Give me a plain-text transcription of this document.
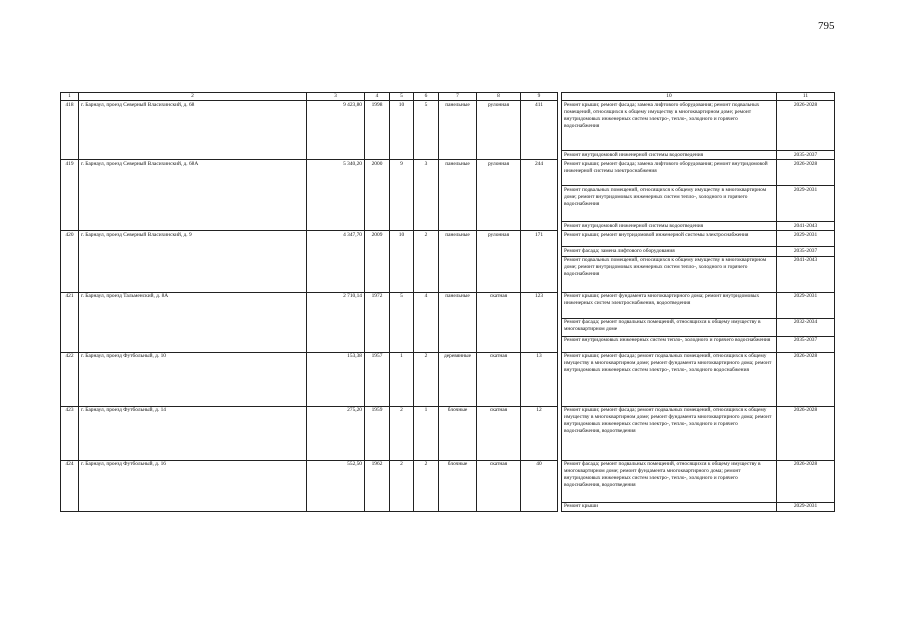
795
1	2	3	4	5	6	7	8	9		10	11
418	г. Барнаул, проезд Северный Власихинский, д. 68	9 423,80	1998	10	5	панельные	рулонная	411		Ремонт крыши; ремонт фасада; замена лифтового оборудования; ремонт подвальных помещений, относящихся к общему имуществу в многоквартирном доме; ремонт внутридомовых инженерных систем электро-, тепло-, холодного и горячего водоснабжения	2026-2028
										Ремонт внутридомовой инженерной системы водоотведения	2035-2037
419	г. Барнаул, проезд Северный Власихинский, д. 68А	5 340,20	2000	9	3	панельные	рулонная	244		Ремонт крыши; ремонт фасада; замена лифтового оборудования; ремонт внутридомовой инженерной системы электроснабжения	2026-2028
										Ремонт подвальных помещений, относящихся к общему имуществу в многоквартирном доме; ремонт внутридомовых инженерных систем тепло-, холодного и горячего водоснабжения	2029-2031
										Ремонт внутридомовой инженерной системы водоотведения	2041-2043
420	г. Барнаул, проезд Северный Власихинский, д. 9	4 347,70	2009	10	2	панельные	рулонная	171		Ремонт крыши; ремонт внутридомовой инженерной системы электроснабжения	2029-2031
										Ремонт фасада; замена лифтового оборудования	2035-2037
										Ремонт подвальных помещений, относящихся к общему имуществу в многоквартирном доме; ремонт внутридомовых инженерных систем тепло-, холодного и горячего водоснабжения	2041-2043
421	г. Барнаул, проезд Тальменский, д. 8А	2 710,14	1972	5	4	панельные	скатная	123		Ремонт крыши; ремонт фундамента многоквартирного дома; ремонт внутридомовых инженерных систем электроснабжения, водоотведения	2029-2031
										Ремонт фасада; ремонт подвальных помещений, относящихся к общему имуществу в многоквартирном доме	2032-2034
										Ремонт внутридомовых инженерных систем тепло-, холодного и горячего водоснабжения	2035-2037
422	г. Барнаул, проезд Футбольный, д. 10	153,38	1957	1	2	деревянные	скатная	13		Ремонт крыши; ремонт фасада; ремонт подвальных помещений, относящихся к общему имуществу в многоквартирном доме; ремонт фундамента многоквартирного дома; ремонт внутридомовых инженерных систем электро-, тепло-, холодного водоснабжения	2026-2028
423	г. Барнаул, проезд Футбольный, д. 14	275,20	1959	2	1	блочные	скатная	12		Ремонт крыши; ремонт фасада; ремонт подвальных помещений, относящихся к общему имуществу в многоквартирном доме; ремонт фундамента многоквартирного дома; ремонт внутридомовых инженерных систем электро-, тепло-, холодного и горячего водоснабжения, водоотведения	2026-2028
424	г. Барнаул, проезд Футбольный, д. 16	552,50	1962	2	2	блочные	скатная	40		Ремонт фасада; ремонт подвальных помещений, относящихся к общему имуществу в многоквартирном доме; ремонт фундамента многоквартирного дома; ремонт внутридомовых инженерных систем электро-, тепло-, холодного и горячего водоснабжения, водоотведения	2026-2028
										Ремонт крыши	2029-2031
